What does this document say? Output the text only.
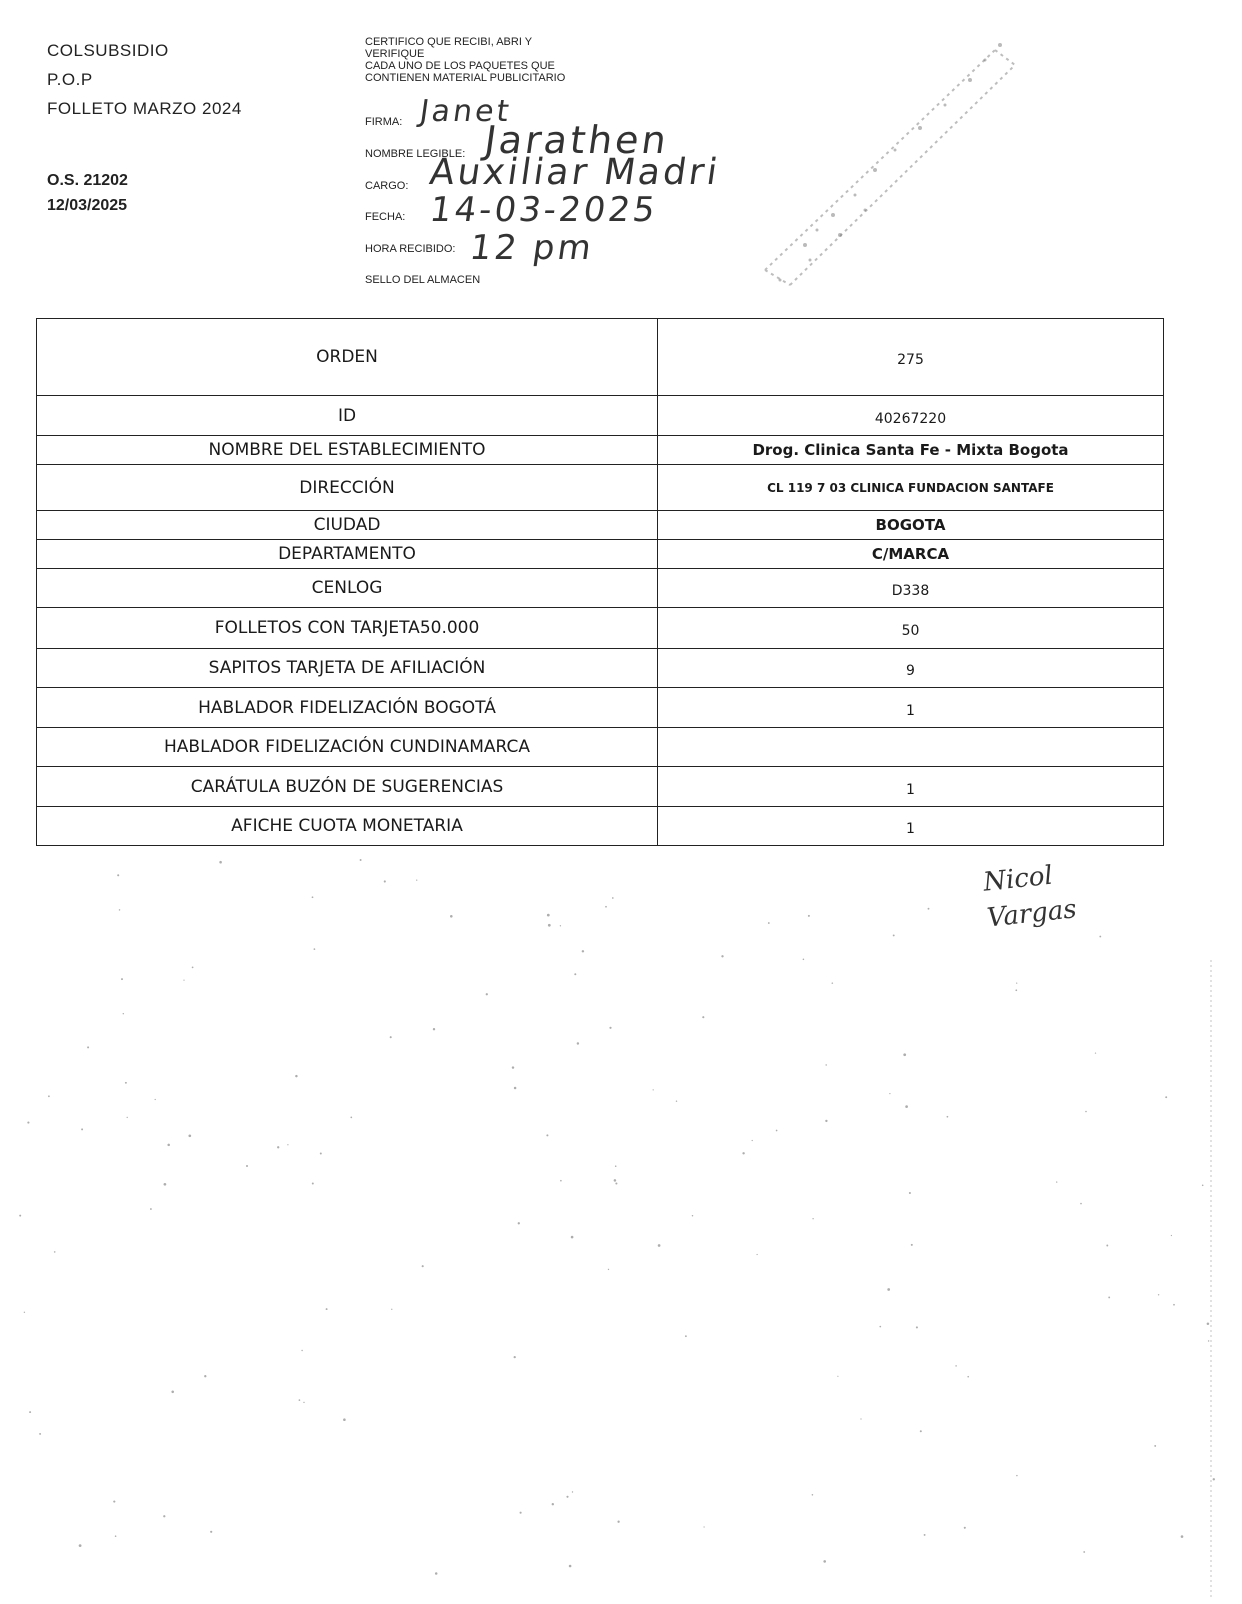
COLSUBSIDIO
P.O.P
FOLLETO MARZO 2024
O.S. 21202
12/03/2025
CERTIFICO QUE RECIBI, ABRI Y
VERIFIQUE
CADA UNO DE LOS PAQUETES QUE
CONTIENEN MATERIAL PUBLICITARIO
FIRMA: Janet
NOMBRE LEGIBLE: Jarathen
CARGO: Auxiliar Madri
FECHA: 14-03-2025
HORA RECIBIDO: 12 pm
SELLO DEL ALMACEN
ORDEN	275
ID	40267220
NOMBRE DEL ESTABLECIMIENTO	Drog. Clinica Santa Fe - Mixta Bogota
DIRECCIÓN	CL 119 7 03 CLINICA FUNDACION SANTAFE
CIUDAD	BOGOTA
DEPARTAMENTO	C/MARCA
CENLOG	D338
FOLLETOS CON TARJETA50.000	50
SAPITOS TARJETA DE AFILIACIÓN	9
HABLADOR FIDELIZACIÓN BOGOTÁ	1
HABLADOR FIDELIZACIÓN CUNDINAMARCA	
CARÁTULA BUZÓN DE SUGERENCIAS	1
AFICHE CUOTA MONETARIA	1
Nicol
Vargas
